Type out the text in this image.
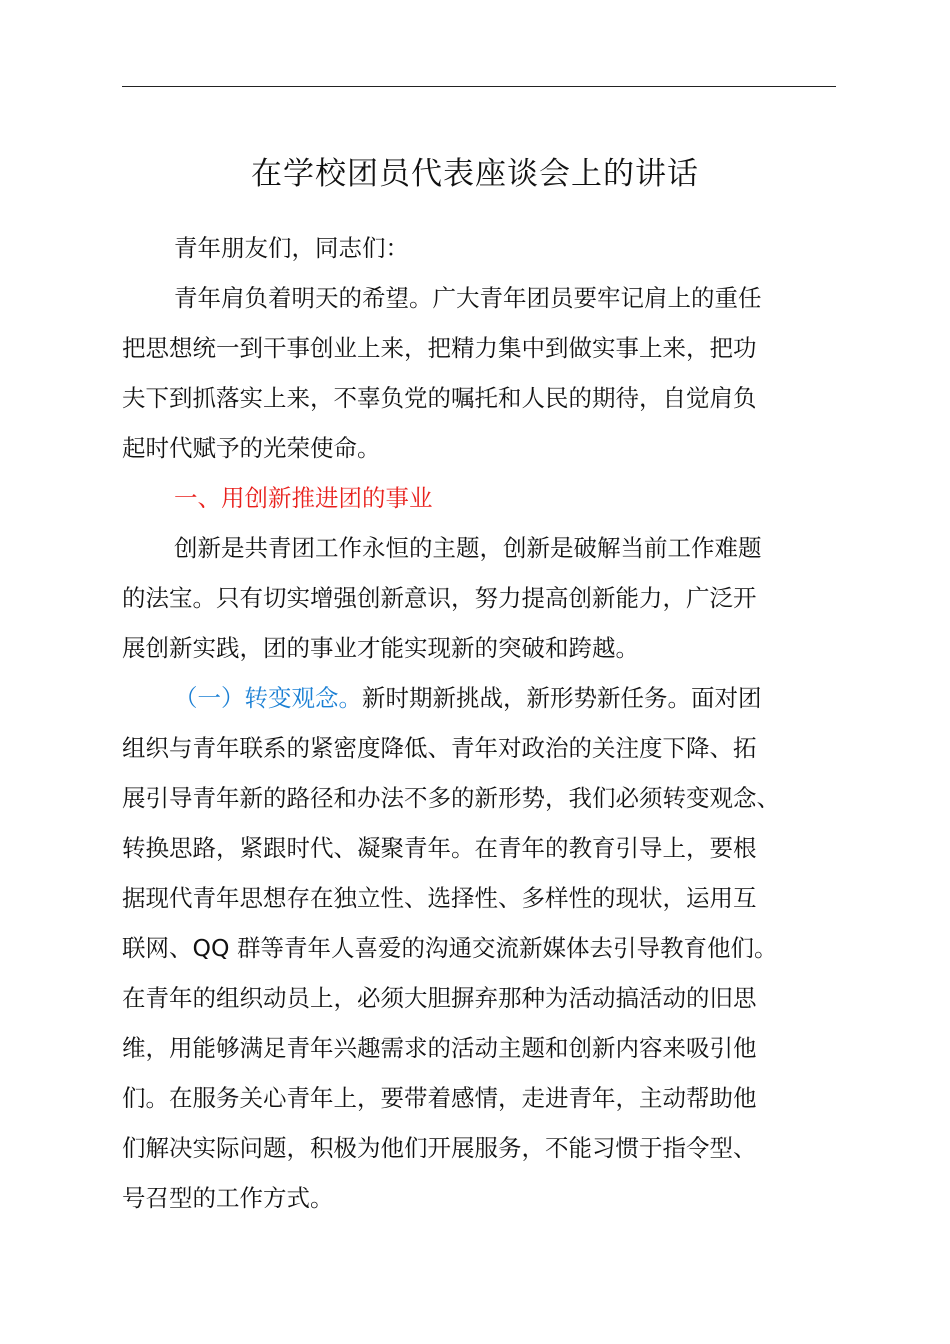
在学校团员代表座谈会上的讲话

青年朋友们，同志们：

青年肩负着明天的希望。广大青年团员要牢记肩上的重任

把思想统一到干事创业上来，把精力集中到做实事上来，把功

夫下到抓落实上来，不辜负党的嘱托和人民的期待，自觉肩负

起时代赋予的光荣使命。

一、用创新推进团的事业

创新是共青团工作永恒的主题，创新是破解当前工作难题

的法宝。只有切实增强创新意识，努力提高创新能力，广泛开

展创新实践，团的事业才能实现新的突破和跨越。

（一）转变观念。新时期新挑战，新形势新任务。面对团

组织与青年联系的紧密度降低、青年对政治的关注度下降、拓

展引导青年新的路径和办法不多的新形势，我们必须转变观念、

转换思路，紧跟时代、凝聚青年。在青年的教育引导上，要根

据现代青年思想存在独立性、选择性、多样性的现状，运用互

联网、QQ 群等青年人喜爱的沟通交流新媒体去引导教育他们。

在青年的组织动员上，必须大胆摒弃那种为活动搞活动的旧思

维，用能够满足青年兴趣需求的活动主题和创新内容来吸引他

们。在服务关心青年上，要带着感情，走进青年，主动帮助他

们解决实际问题，积极为他们开展服务，不能习惯于指令型、

号召型的工作方式。
